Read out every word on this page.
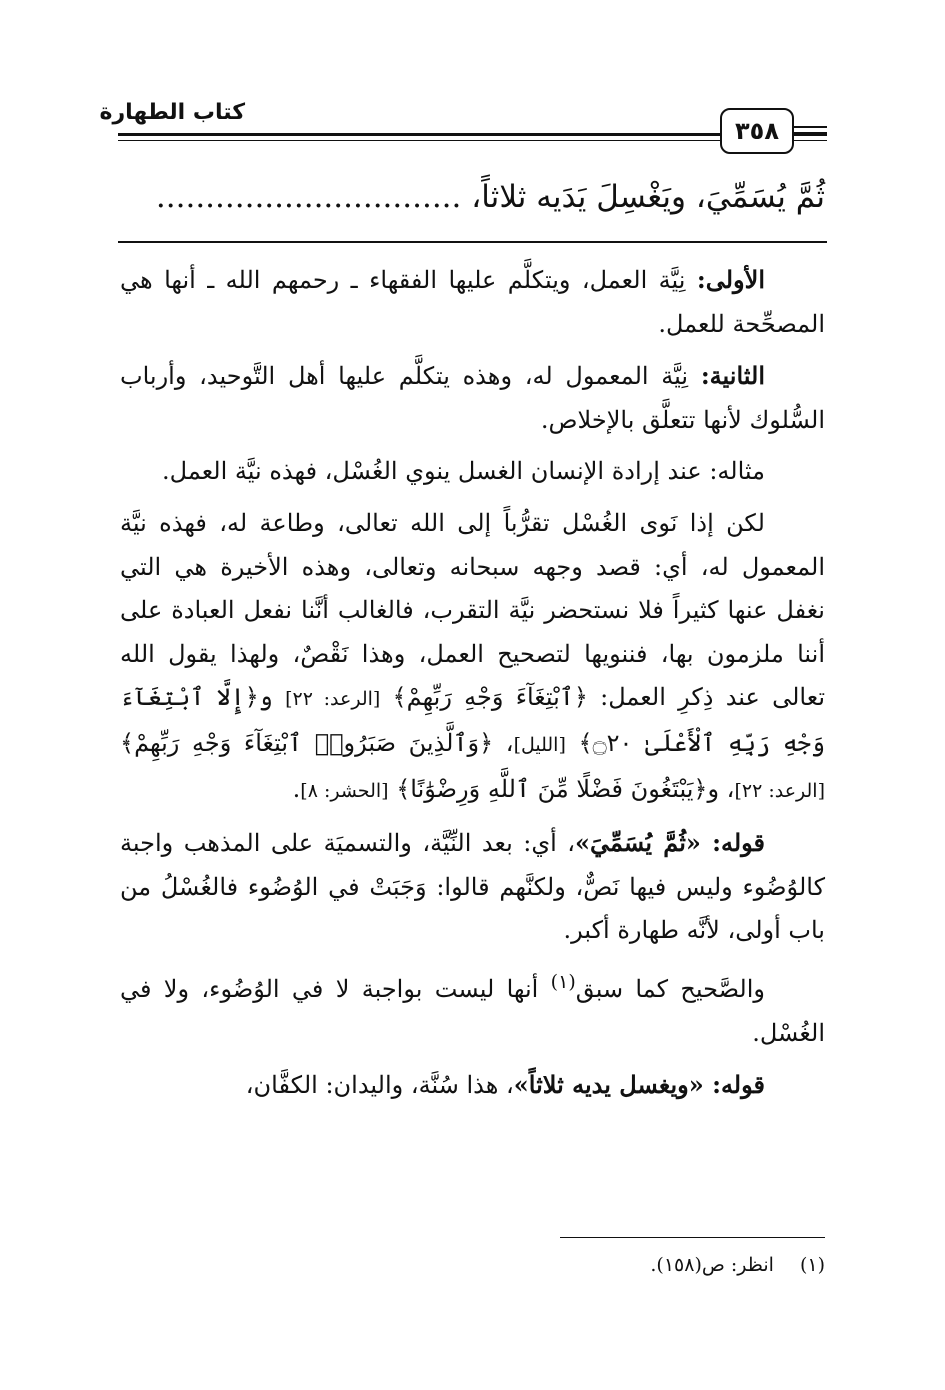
كتاب الطهارة
٣٥٨
ثُمَّ يُسَمِّيَ، ويَغْسِلَ يَدَيه ثلاثاً، ...............................

الأولى: نِيَّة العمل، ويتكلَّم عليها الفقهاء ـ رحمهم الله ـ أنها هي المصحِّحة للعمل.

الثانية: نِيَّة المعمول له، وهذه يتكلَّم عليها أهل التَّوحيد، وأرباب السُّلوك لأنها تتعلَّق بالإخلاص.

مثاله: عند إرادة الإنسان الغسل ينوي الغُسْل، فهذه نيَّة العمل.

لكن إذا نَوى الغُسْل تقرُّباً إلى الله تعالى، وطاعة له، فهذه نيَّة المعمول له، أي: قصد وجهه سبحانه وتعالى، وهذه الأخيرة هي التي نغفل عنها كثيراً فلا نستحضر نيَّة التقرب، فالغالب أنَّنا نفعل العبادة على أننا ملزمون بها، فننويها لتصحيح العمل، وهذا نَقْصٌ، ولهذا يقول الله تعالى عند ذِكرِ العمل: ﴿ٱبْتِغَآءَ وَجْهِ رَبِّهِمْ﴾ [الرعد: ٢٢] و﴿إِلَّا ٱبْتِغَآءَ وَجْهِ رَبِّهِ ٱلْأَعْلَىٰ ۝٢٠﴾ [الليل]، ﴿وَٱلَّذِينَ صَبَرُوا۟ ٱبْتِغَآءَ وَجْهِ رَبِّهِمْ﴾ [الرعد: ٢٢]، و﴿يَبْتَغُونَ فَضْلًا مِّنَ ٱللَّهِ وَرِضْوَٰنًا﴾ [الحشر: ٨].

قوله: «ثُمَّ يُسَمِّيَ»، أي: بعد النِّيَّة، والتسميَة على المذهب واجبة كالوُضُوء وليس فيها نَصٌّ، ولكنَّهم قالوا: وَجَبَتْ في الوُضُوء فالغُسْلُ من باب أولى، لأنَّه طهارة أكبر.

والصَّحيح كما سبق$^{(١)}$ أنها ليست بواجبة لا في الوُضُوء، ولا في الغُسْل.

قوله: «ويغسل يديه ثلاثاً»، هذا سُنَّة، واليدان: الكفَّان،

(١)انظر: ص(١٥٨).
